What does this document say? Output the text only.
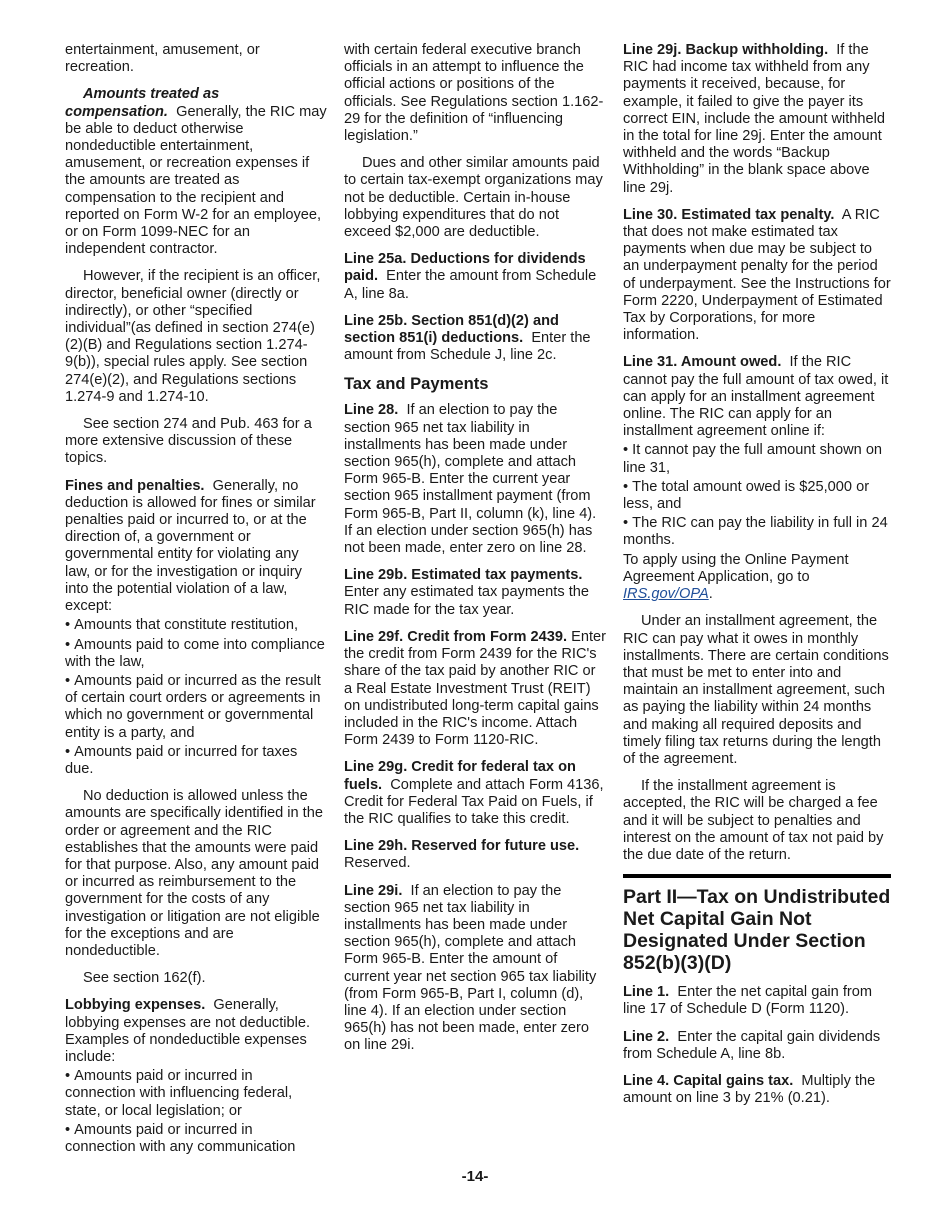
entertainment, amusement, or recreation.

Amounts treated as compensation. Generally, the RIC may be able to deduct otherwise nondeductible entertainment, amusement, or recreation expenses if the amounts are treated as compensation to the recipient and reported on Form W-2 for an employee, or on Form 1099-NEC for an independent contractor.

However, if the recipient is an officer, director, beneficial owner (directly or indirectly), or other “specified individual”(as defined in section 274(e)(2)(B) and Regulations section 1.274-9(b)), special rules apply. See section 274(e)(2), and Regulations sections 1.274-9 and 1.274-10.

See section 274 and Pub. 463 for a more extensive discussion of these topics.

Fines and penalties. Generally, no deduction is allowed for fines or similar penalties paid or incurred to, or at the direction of, a government or governmental entity for violating any law, or for the investigation or inquiry into the potential violation of a law, except:

• Amounts that constitute restitution,
• Amounts paid to come into compliance with the law,
• Amounts paid or incurred as the result of certain court orders or agreements in which no government or governmental entity is a party, and
• Amounts paid or incurred for taxes due.

No deduction is allowed unless the amounts are specifically identified in the order or agreement and the RIC establishes that the amounts were paid for that purpose. Also, any amount paid or incurred as reimbursement to the government for the costs of any investigation or litigation are not eligible for the exceptions and are nondeductible.

See section 162(f).

Lobbying expenses. Generally, lobbying expenses are not deductible. Examples of nondeductible expenses include:

• Amounts paid or incurred in connection with influencing federal, state, or local legislation; or
• Amounts paid or incurred in connection with any communication

with certain federal executive branch officials in an attempt to influence the official actions or positions of the officials. See Regulations section 1.162-29 for the definition of “influencing legislation.”

Dues and other similar amounts paid to certain tax-exempt organizations may not be deductible. Certain in-house lobbying expenditures that do not exceed $2,000 are deductible.

Line 25a. Deductions for dividends paid. Enter the amount from Schedule A, line 8a.

Line 25b. Section 851(d)(2) and section 851(i) deductions. Enter the amount from Schedule J, line 2c.

Tax and Payments

Line 28. If an election to pay the section 965 net tax liability in installments has been made under section 965(h), complete and attach Form 965-B. Enter the current year section 965 installment payment (from Form 965-B, Part II, column (k), line 4). If an election under section 965(h) has not been made, enter zero on line 28.

Line 29b. Estimated tax payments. Enter any estimated tax payments the RIC made for the tax year.

Line 29f. Credit from Form 2439. Enter the credit from Form 2439 for the RIC's share of the tax paid by another RIC or a Real Estate Investment Trust (REIT) on undistributed long-term capital gains included in the RIC's income. Attach Form 2439 to Form 1120-RIC.

Line 29g. Credit for federal tax on fuels. Complete and attach Form 4136, Credit for Federal Tax Paid on Fuels, if the RIC qualifies to take this credit.

Line 29h. Reserved for future use. Reserved.

Line 29i. If an election to pay the section 965 net tax liability in installments has been made under section 965(h), complete and attach Form 965-B. Enter the amount of current year net section 965 tax liability (from Form 965-B, Part I, column (d), line 4). If an election under section 965(h) has not been made, enter zero on line 29i.

Line 29j. Backup withholding. If the RIC had income tax withheld from any payments it received, because, for example, it failed to give the payer its correct EIN, include the amount withheld in the total for line 29j. Enter the amount withheld and the words “Backup Withholding” in the blank space above line 29j.

Line 30. Estimated tax penalty. A RIC that does not make estimated tax payments when due may be subject to an underpayment penalty for the period of underpayment. See the Instructions for Form 2220, Underpayment of Estimated Tax by Corporations, for more information.

Line 31. Amount owed. If the RIC cannot pay the full amount of tax owed, it can apply for an installment agreement online. The RIC can apply for an installment agreement online if:

• It cannot pay the full amount shown on line 31,
• The total amount owed is $25,000 or less, and
• The RIC can pay the liability in full in 24 months.

To apply using the Online Payment Agreement Application, go to IRS.gov/OPA.

Under an installment agreement, the RIC can pay what it owes in monthly installments. There are certain conditions that must be met to enter into and maintain an installment agreement, such as paying the liability within 24 months and making all required deposits and timely filing tax returns during the length of the agreement.

If the installment agreement is accepted, the RIC will be charged a fee and it will be subject to penalties and interest on the amount of tax not paid by the due date of the return.

Part II—Tax on Undistributed Net Capital Gain Not Designated Under Section 852(b)(3)(D)

Line 1. Enter the net capital gain from line 17 of Schedule D (Form 1120).

Line 2. Enter the capital gain dividends from Schedule A, line 8b.

Line 4. Capital gains tax. Multiply the amount on line 3 by 21% (0.21).

-14-
